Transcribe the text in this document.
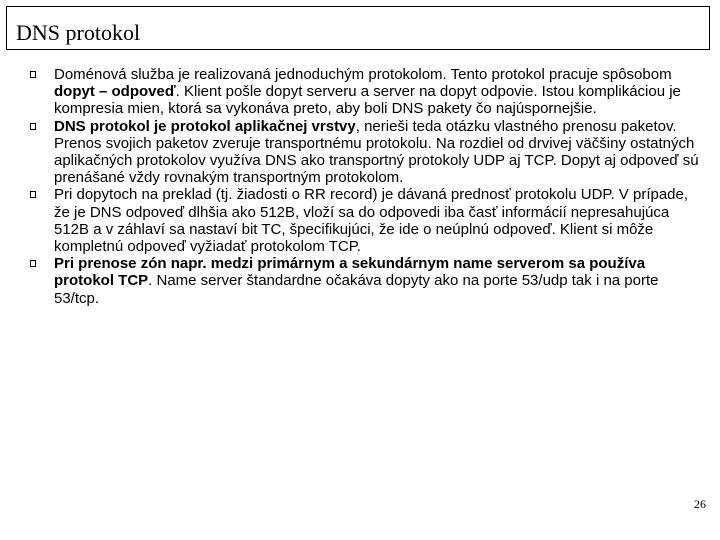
DNS protokol
Doménová služba je realizovaná jednoduchým protokolom. Tento protokol pracuje spôsobom dopyt – odpoveď. Klient pošle dopyt serveru a server na dopyt odpovie. Istou komplikáciou je kompresia mien, ktorá sa vykonáva preto, aby boli DNS pakety čo najúspornejšie.
DNS protokol je protokol aplikačnej vrstvy, nerieši teda otázku vlastného prenosu paketov. Prenos svojich paketov zveruje transportnému protokolu. Na rozdiel od drvivej väčšiny ostatných aplikačných protokolov využíva DNS ako transportný protokoly UDP aj TCP. Dopyt aj odpoveď sú prenášané vždy rovnakým transportným protokolom.
Pri dopytoch na preklad (tj. žiadosti o RR record) je dávaná prednosť protokolu UDP. V prípade, že je DNS odpoveď dlhšia ako 512B, vloží sa do odpovedi iba časť informácií nepresahujúca 512B a v záhlaví sa nastaví bit TC, špecifikujúci, že ide o neúplnú odpoveď. Klient si môže kompletnú odpoveď vyžiadať protokolom TCP.
Pri prenose zón napr. medzi primárnym a sekundárnym name serverom sa používa protokol TCP. Name server štandardne očakáva dopyty ako na porte 53/udp tak i na porte 53/tcp.
26
